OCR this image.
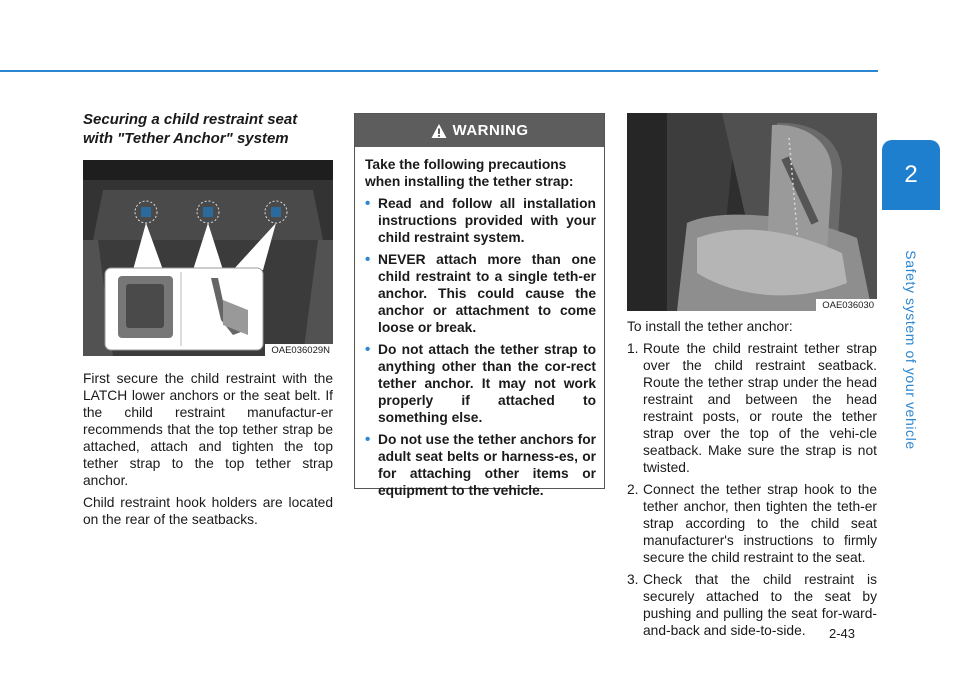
2
Safety system of your vehicle
Securing a child restraint seat
with "Tether Anchor" system
TOP TETHER
OAE036029N

First secure the child restraint with the LATCH lower anchors or the seat belt. If the child restraint manufactur-er recommends that the top tether strap be attached, attach and tighten the top tether strap to the top tether strap anchor.

Child restraint hook holders are located on the rear of the seatbacks.

WARNING

Take the following precautions when installing the tether strap:

• Read and follow all installation instructions provided with your child restraint system.
• NEVER attach more than one child restraint to a single teth-er anchor. This could cause the anchor or attachment to come loose or break.
• Do not attach the tether strap to anything other than the cor-rect tether anchor. It may not work properly if attached to something else.
• Do not use the tether anchors for adult seat belts or harness-es, or for attaching other items or equipment to the vehicle.
OAE036030

To install the tether anchor:

1. Route the child restraint tether strap over the child restraint seatback. Route the tether strap under the head restraint and between the head restraint posts, or route the tether strap over the top of the vehi-cle seatback. Make sure the strap is not twisted.
2. Connect the tether strap hook to the tether anchor, then tighten the teth-er strap according to the child seat manufacturer's instructions to firmly secure the child restraint to the seat.
3. Check that the child restraint is securely attached to the seat by pushing and pulling the seat for-ward-and-back and side-to-side.	2-43
